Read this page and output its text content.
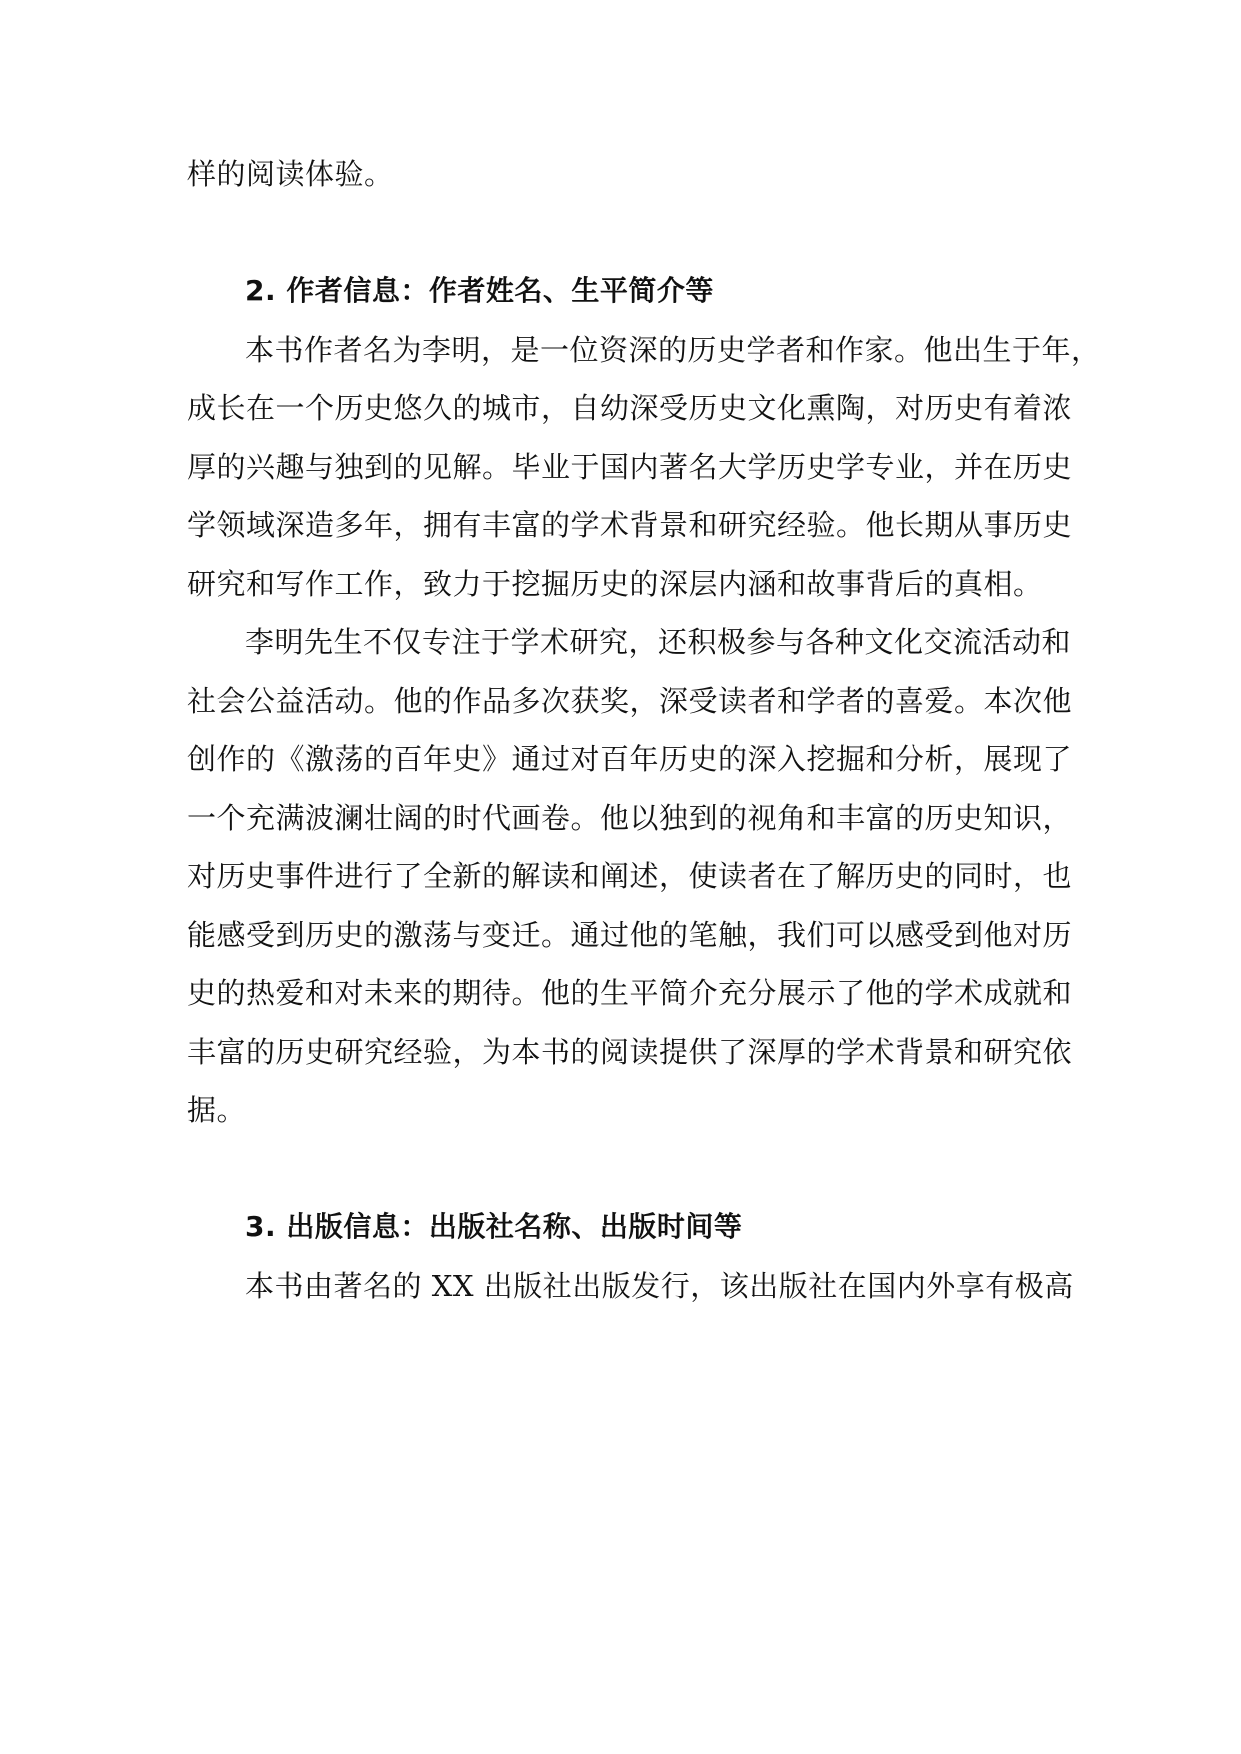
样的阅读体验。
2. 作者信息：作者姓名、生平简介等
本书作者名为李明，是一位资深的历史学者和作家。他出生于年，
成长在一个历史悠久的城市，自幼深受历史文化熏陶，对历史有着浓
厚的兴趣与独到的见解。毕业于国内著名大学历史学专业，并在历史
学领域深造多年，拥有丰富的学术背景和研究经验。他长期从事历史
研究和写作工作，致力于挖掘历史的深层内涵和故事背后的真相。
李明先生不仅专注于学术研究，还积极参与各种文化交流活动和
社会公益活动。他的作品多次获奖，深受读者和学者的喜爱。本次他
创作的《激荡的百年史》通过对百年历史的深入挖掘和分析，展现了
一个充满波澜壮阔的时代画卷。他以独到的视角和丰富的历史知识，
对历史事件进行了全新的解读和阐述，使读者在了解历史的同时，也
能感受到历史的激荡与变迁。通过他的笔触，我们可以感受到他对历
史的热爱和对未来的期待。他的生平简介充分展示了他的学术成就和
丰富的历史研究经验，为本书的阅读提供了深厚的学术背景和研究依
据。
3. 出版信息：出版社名称、出版时间等
本书由著名的 XX 出版社出版发行，该出版社在国内外享有极高
